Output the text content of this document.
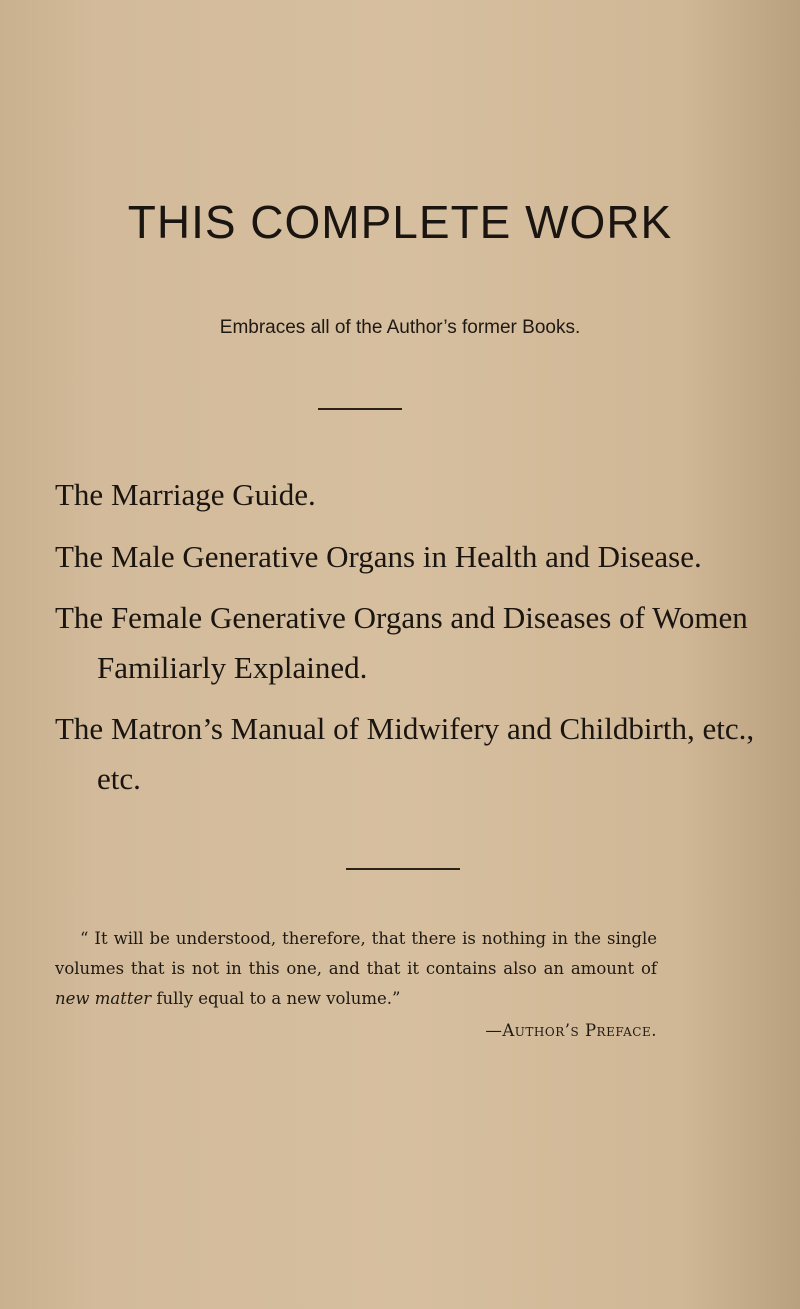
THIS COMPLETE WORK
Embraces all of the Author’s former Books.

The Marriage Guide.

The Male Generative Organs in Health and Disease.

The Female Generative Organs and Diseases of Women Familiarly Explained.

The Matron’s Manual of Midwifery and Childbirth, etc., etc.

“ It will be understood, therefore, that there is nothing in the single volumes that is not in this one, and that it contains also an amount of new matter fully equal to a new volume.”

—Author’s Preface.
